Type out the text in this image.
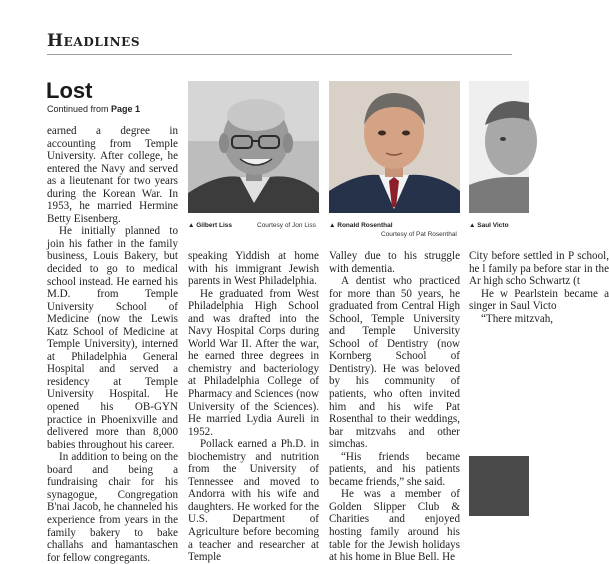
Headlines
Lost
Continued from Page 1
▲ Gilbert Liss	Courtesy of Jon Liss ▲ Ronald Rosenthal
Courtesy of Pat Rosenthal
▲ Saul Victo

earned a degree in accounting from Temple University. After college, he entered the Navy and served as a lieutenant for two years during the Korean War. In 1953, he married Hermine Betty Eisenberg.

He initially planned to join his father in the family business, Louis Bakery, but decided to go to medical school instead. He earned his M.D. from Temple University School of Medicine (now the Lewis Katz School of Medicine at Temple University), interned at Philadelphia General Hospital and served a residency at Temple University Hospital. He opened his OB-GYN practice in Phoenixville and delivered more than 8,000 babies throughout his career.

In addition to being on the board and being a fundraising chair for his synagogue, Congregation B'nai Jacob, he channeled his experience from years in the family bakery to bake challahs and hamantaschen for fellow congregants.

speaking Yiddish at home with his immigrant Jewish parents in West Philadelphia.

He graduated from West Philadelphia High School and was drafted into the Navy Hospital Corps during World War II. After the war, he earned three degrees in chemistry and bacteriology at Philadelphia College of Pharmacy and Sciences (now University of the Sciences). He married Lydia Aureli in 1952.

Pollack earned a Ph.D. in biochemistry and nutrition from the University of Tennessee and moved to Andorra with his wife and daughters. He worked for the U.S. Department of Agriculture before becoming a teacher and researcher at Temple

Valley due to his struggle with dementia.

A dentist who practiced for more than 50 years, he graduated from Central High School, Temple University and Temple University School of Dentistry (now Kornberg School of Dentistry). He was beloved by his community of patients, who often invited him and his wife Pat Rosenthal to their weddings, bar mitzvahs and other simchas.

“His friends became patients, and his patients became friends,” she said.

He was a member of Golden Slipper Club & Charities and enjoyed hosting family around his table for the Jewish holidays at his home in Blue Bell. He

City before settled in P school, he l family pa before star in the Ar high scho Schwartz (t

He w Pearlstein became a singer in Saul Victo

“There mitzvah,
